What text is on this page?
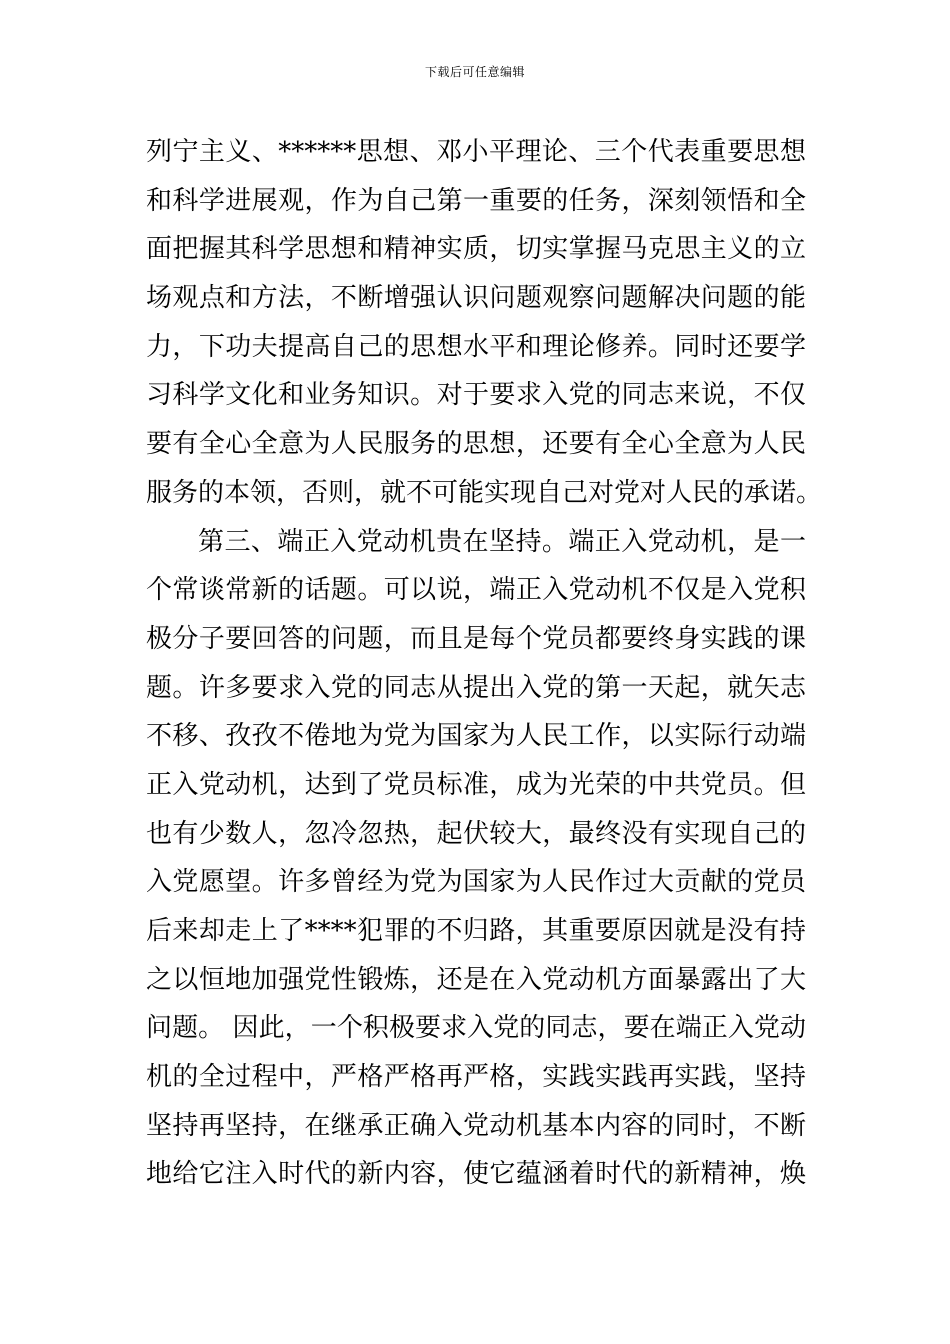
下载后可任意编辑
列宁主义、******思想、邓小平理论、三个代表重要思想
和科学进展观，作为自己第一重要的任务，深刻领悟和全
面把握其科学思想和精神实质，切实掌握马克思主义的立
场观点和方法，不断增强认识问题观察问题解决问题的能
力，下功夫提高自己的思想水平和理论修养。同时还要学
习科学文化和业务知识。对于要求入党的同志来说，不仅
要有全心全意为人民服务的思想，还要有全心全意为人民
服务的本领，否则，就不可能实现自己对党对人民的承诺。
第三、端正入党动机贵在坚持。端正入党动机，是一
个常谈常新的话题。可以说，端正入党动机不仅是入党积
极分子要回答的问题，而且是每个党员都要终身实践的课
题。许多要求入党的同志从提出入党的第一天起，就矢志
不移、孜孜不倦地为党为国家为人民工作，以实际行动端
正入党动机，达到了党员标准，成为光荣的中共党员。但
也有少数人，忽冷忽热，起伏较大，最终没有实现自己的
入党愿望。许多曾经为党为国家为人民作过大贡献的党员
后来却走上了****犯罪的不归路，其重要原因就是没有持
之以恒地加强党性锻炼，还是在入党动机方面暴露出了大
问题。 因此，一个积极要求入党的同志，要在端正入党动
机的全过程中，严格严格再严格，实践实践再实践，坚持
坚持再坚持，在继承正确入党动机基本内容的同时，不断
地给它注入时代的新内容，使它蕴涵着时代的新精神，焕
